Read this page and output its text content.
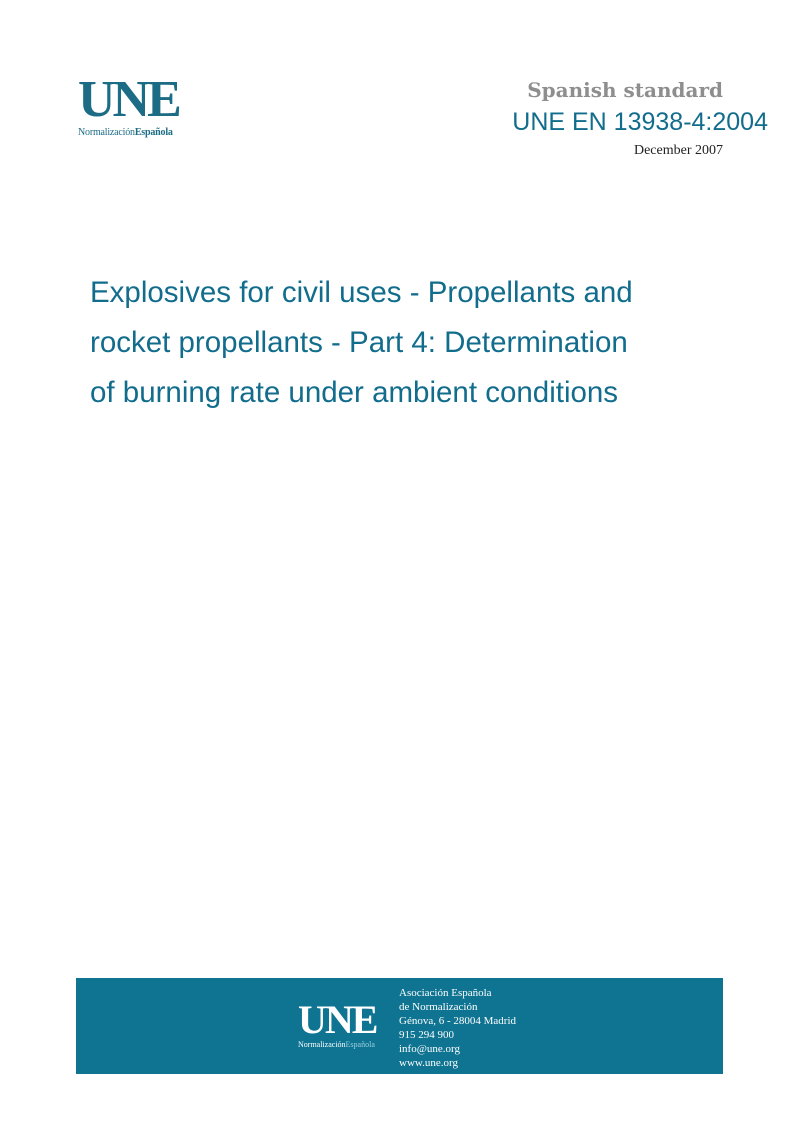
UNE
NormalizaciónEspañola
Spanish standard
UNE EN 13938-4:2004
December 2007
Explosives for civil uses - Propellants and
rocket propellants - Part 4: Determination
of burning rate under ambient conditions
UNE
NormalizaciónEspañola
Asociación Española
de Normalización
Génova, 6 - 28004 Madrid
915 294 900
info@une.org
www.une.org
